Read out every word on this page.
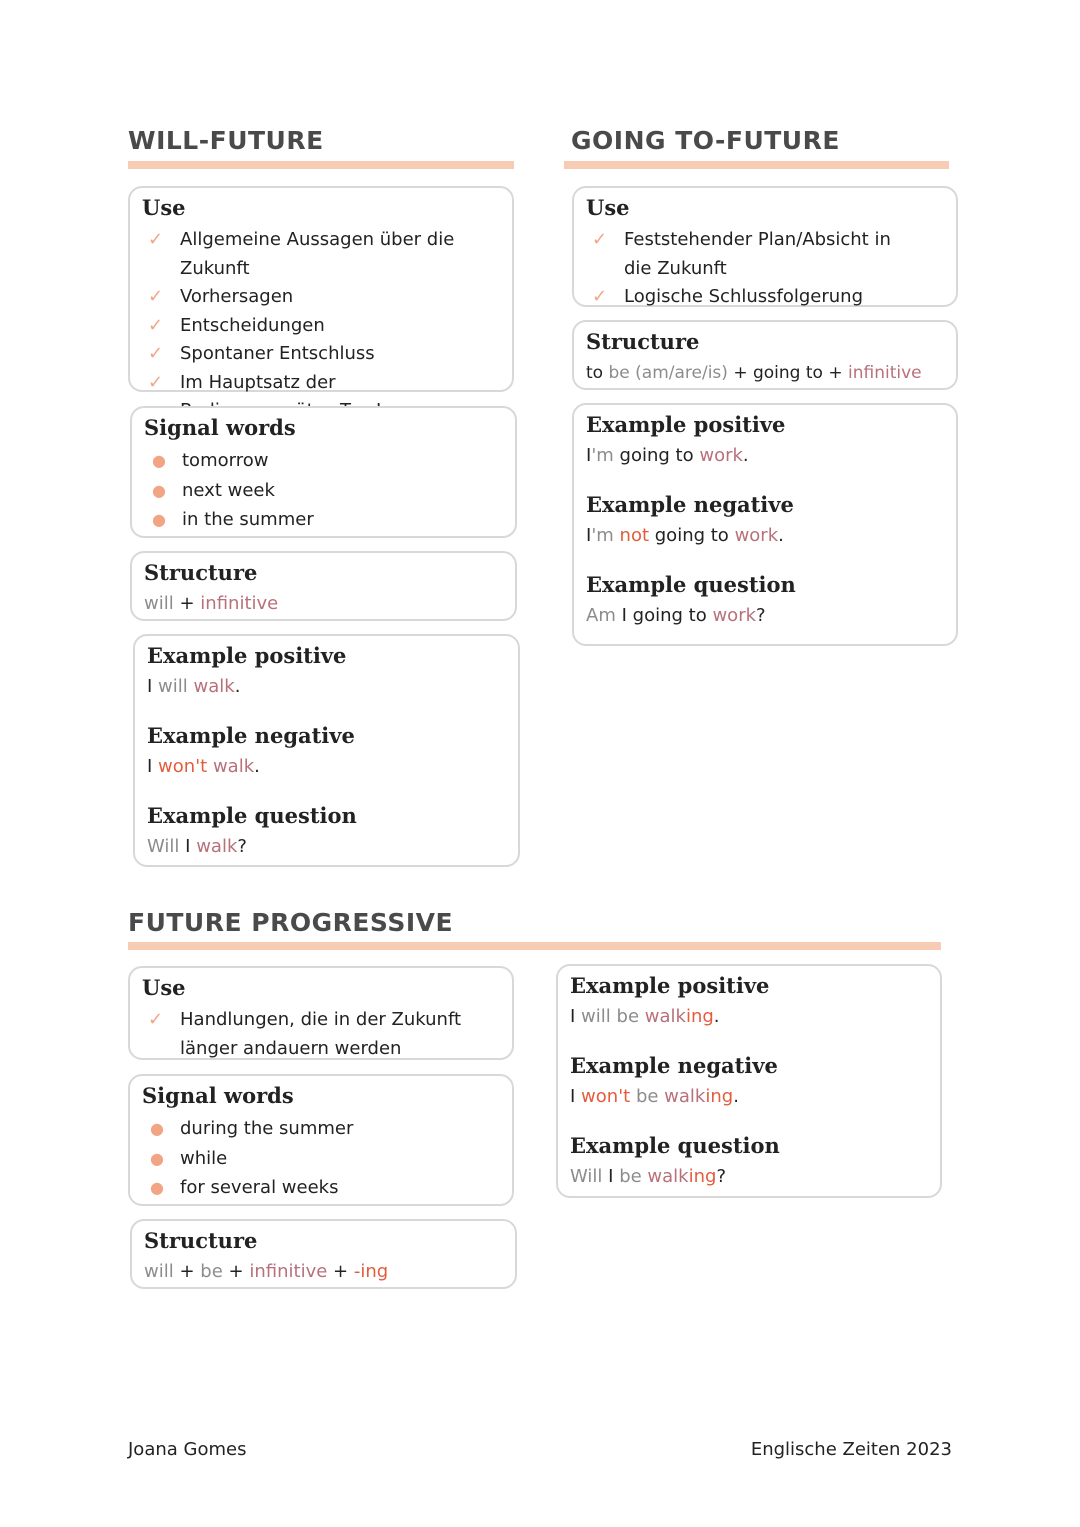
WILL-FUTURE
Use
✓ Allgemeine Aussagen über die Zukunft
✓ Vorhersagen
✓ Entscheidungen
✓ Spontaner Entschluss
✓ Im Hauptsatz der
Signal words
● tomorrow
● next week
● in the summer
Structure

will + infinitive

Example positive

I will walk.

Example negative

I won't walk.

Example question

Will I walk?

GOING TO-FUTURE
Use
✓ Feststehender Plan/Absicht in die Zukunft
✓ Logische Schlussfolgerung
Structure

to be (am/are/is) + going to + infinitive

Example positive

I'm going to work.

Example negative

I'm not going to work.

Example question

Am I going to work?

FUTURE PROGRESSIVE
Use
✓ Handlungen, die in der Zukunft länger andauern werden
Signal words
● during the summer
● while
● for several weeks
Structure

will + be + infinitive + -ing

Example positive

I will be walking.

Example negative

I won't be walking.

Example question

Will I be walking?

Joana Gomes	Englische Zeiten 2023
